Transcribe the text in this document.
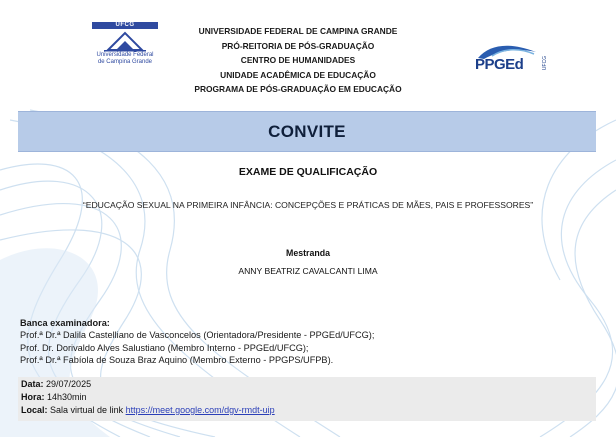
UFCG
Universidade Federal
de Campina Grande
UNIVERSIDADE FEDERAL DE CAMPINA GRANDE
PRÓ-REITORIA DE PÓS-GRADUAÇÃO
CENTRO DE HUMANIDADES
UNIDADE ACADÊMICA DE EDUCAÇÃO
PROGRAMA DE PÓS-GRADUAÇÃO EM EDUCAÇÃO
PPGEd	UFCG
CONVITE
EXAME DE QUALIFICAÇÃO
“EDUCAÇÃO SEXUAL NA PRIMEIRA INFÂNCIA: CONCEPÇÕES E PRÁTICAS DE MÃES, PAIS E PROFESSORES”
Mestranda
ANNY BEATRIZ CAVALCANTI LIMA
Banca examinadora:
Prof.ª Dr.ª Dalila Castelliano de Vasconcelos (Orientadora/Presidente - PPGEd/UFCG);
Prof. Dr. Dorivaldo Alves Salustiano (Membro Interno - PPGEd/UFCG);
Prof.ª Dr.ª Fabíola de Souza Braz Aquino (Membro Externo - PPGPS/UFPB).
Data: 29/07/2025
Hora: 14h30min
Local: Sala virtual de link https://meet.google.com/dgv-rmdt-uip
